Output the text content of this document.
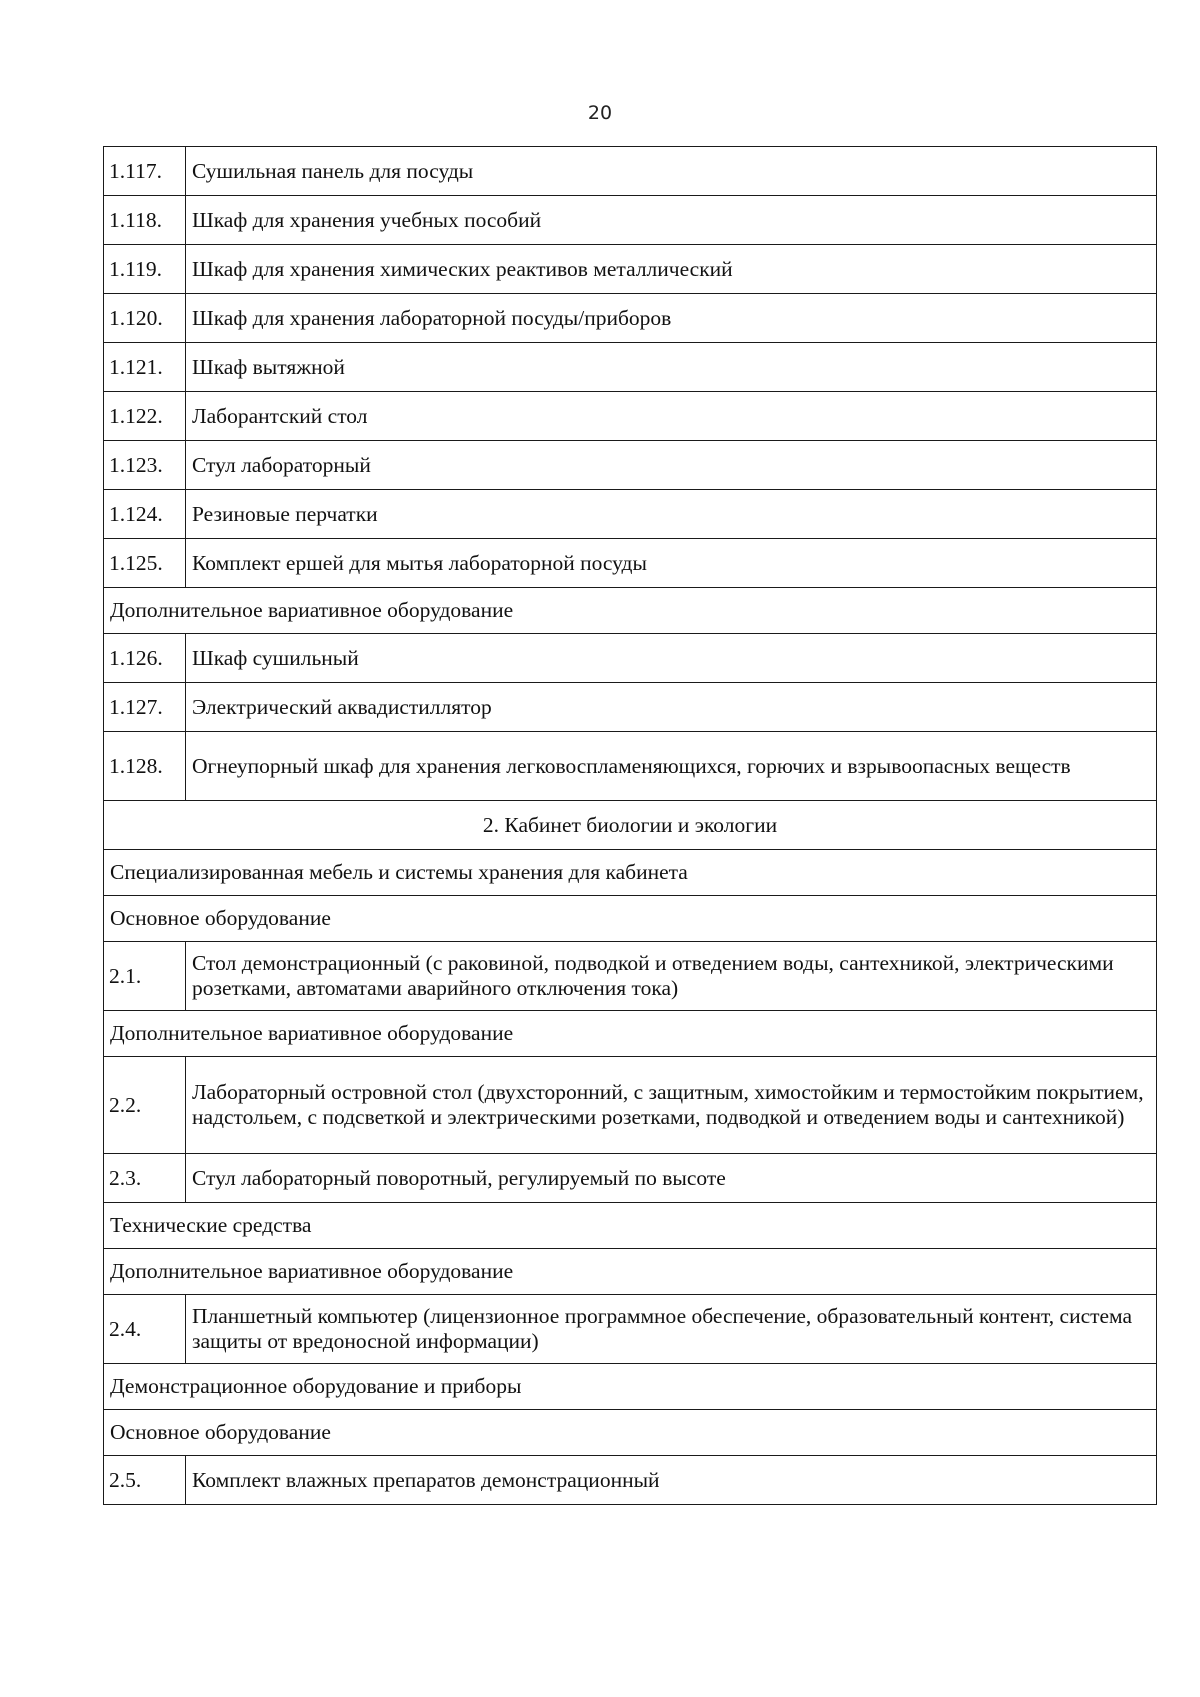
20
1.117.	Сушильная панель для посуды
1.118.	Шкаф для хранения учебных пособий
1.119.	Шкаф для хранения химических реактивов металлический
1.120.	Шкаф для хранения лабораторной посуды/приборов
1.121.	Шкаф вытяжной
1.122.	Лаборантский стол
1.123.	Стул лабораторный
1.124.	Резиновые перчатки
1.125.	Комплект ершей для мытья лабораторной посуды
Дополнительное вариативное оборудование	
1.126.	Шкаф сушильный
1.127.	Электрический аквадистиллятор
1.128.	Огнеупорный шкаф для хранения легковоспламеняющихся, горючих и взрывоопасных веществ
2. Кабинет биологии и экологии	
Специализированная мебель и системы хранения для кабинета	
Основное оборудование	
2.1.	Стол демонстрационный (с раковиной, подводкой и отведением воды, сантехникой, электрическими розетками, автоматами аварийного отключения тока)
Дополнительное вариативное оборудование	
2.2.	Лабораторный островной стол (двухсторонний, с защитным, химостойким и термостойким покрытием, надстольем, с подсветкой и электрическими розетками, подводкой и отведением воды и сантехникой)
2.3.	Стул лабораторный поворотный, регулируемый по высоте
Технические средства	
Дополнительное вариативное оборудование	
2.4.	Планшетный компьютер (лицензионное программное обеспечение, образовательный контент, система защиты от вредоносной информации)
Демонстрационное оборудование и приборы	
Основное оборудование	
2.5.	Комплект влажных препаратов демонстрационный
